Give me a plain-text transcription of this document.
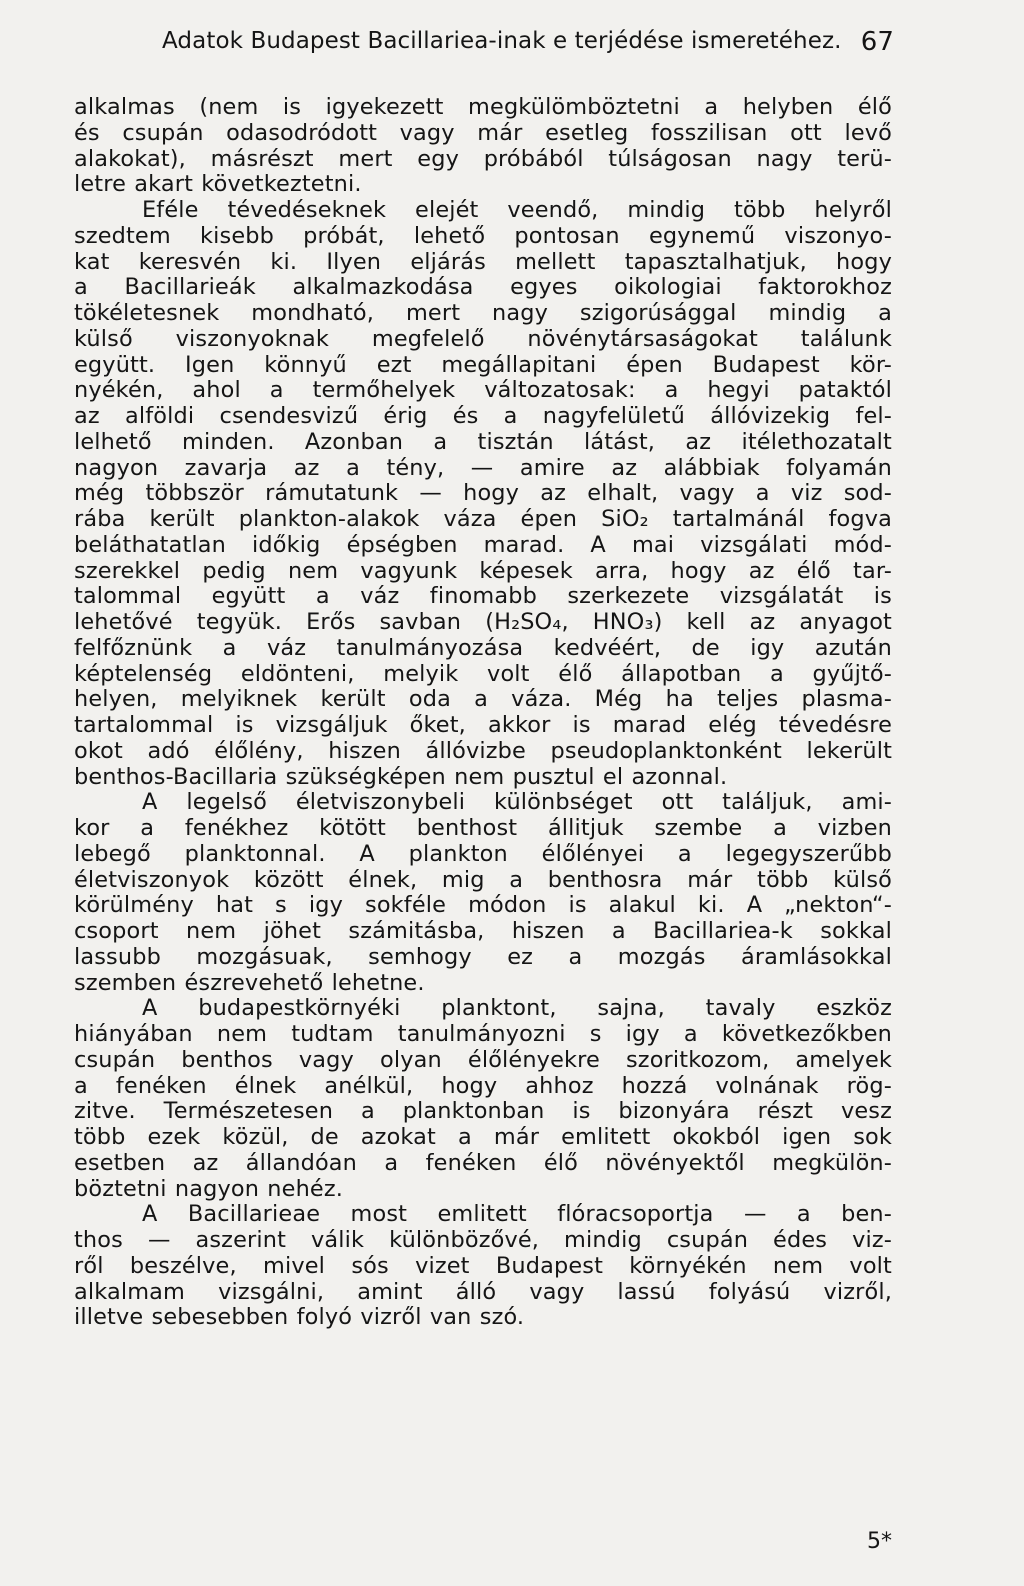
Adatok Budapest Bacillariea-inak e terjédése ismeretéhez. 67
alkalmas (nem is igyekezett megkülömböztetni a helyben élő
és csupán odasodródott vagy már esetleg fosszilisan ott levő
alakokat), másrészt mert egy próbából túlságosan nagy terü-
letre akart következtetni.
Eféle tévedéseknek elejét veendő, mindig több helyről
szedtem kisebb próbát, lehető pontosan egynemű viszonyo-
kat keresvén ki. Ilyen eljárás mellett tapasztalhatjuk, hogy
a Bacillarieák alkalmazkodása egyes oikologiai faktorokhoz
tökéletesnek mondható, mert nagy szigorúsággal mindig a
külső viszonyoknak megfelelő növénytársaságokat találunk
együtt. Igen könnyű ezt megállapitani épen Budapest kör-
nyékén, ahol a termőhelyek változatosak: a hegyi pataktól
az alföldi csendesvizű érig és a nagyfelületű állóvizekig fel-
lelhető minden. Azonban a tisztán látást, az itélethozatalt
nagyon zavarja az a tény, — amire az alábbiak folyamán
még többször rámutatunk — hogy az elhalt, vagy a viz sod-
rába került plankton-alakok váza épen SiO₂ tartalmánál fogva
beláthatatlan időkig épségben marad. A mai vizsgálati mód-
szerekkel pedig nem vagyunk képesek arra, hogy az élő tar-
talommal együtt a váz finomabb szerkezete vizsgálatát is
lehetővé tegyük. Erős savban (H₂SO₄, HNO₃) kell az anyagot
felfőznünk a váz tanulmányozása kedvéért, de igy azután
képtelenség eldönteni, melyik volt élő állapotban a gyűjtő-
helyen, melyiknek került oda a váza. Még ha teljes plasma-
tartalommal is vizsgáljuk őket, akkor is marad elég tévedésre
okot adó élőlény, hiszen állóvizbe pseudoplanktonként lekerült
benthos-Bacillaria szükségképen nem pusztul el azonnal.
A legelső életviszonybeli különbséget ott találjuk, ami-
kor a fenékhez kötött benthost állitjuk szembe a vizben
lebegő planktonnal. A plankton élőlényei a legegyszerűbb
életviszonyok között élnek, mig a benthosra már több külső
körülmény hat s igy sokféle módon is alakul ki. A „nekton“-
csoport nem jöhet számitásba, hiszen a Bacillariea-k sokkal
lassubb mozgásuak, semhogy ez a mozgás áramlásokkal
szemben észrevehető lehetne.
A budapestkörnyéki planktont, sajna, tavaly eszköz
hiányában nem tudtam tanulmányozni s igy a következőkben
csupán benthos vagy olyan élőlényekre szoritkozom, amelyek
a fenéken élnek anélkül, hogy ahhoz hozzá volnának rög-
zitve. Természetesen a planktonban is bizonyára részt vesz
több ezek közül, de azokat a már emlitett okokból igen sok
esetben az állandóan a fenéken élő növényektől megkülön-
böztetni nagyon nehéz.
A Bacillarieae most emlitett flóracsoportja — a ben-
thos — aszerint válik különbözővé, mindig csupán édes viz-
ről beszélve, mivel sós vizet Budapest környékén nem volt
alkalmam vizsgálni, amint álló vagy lassú folyású vizről,
illetve sebesebben folyó vizről van szó.
5*
